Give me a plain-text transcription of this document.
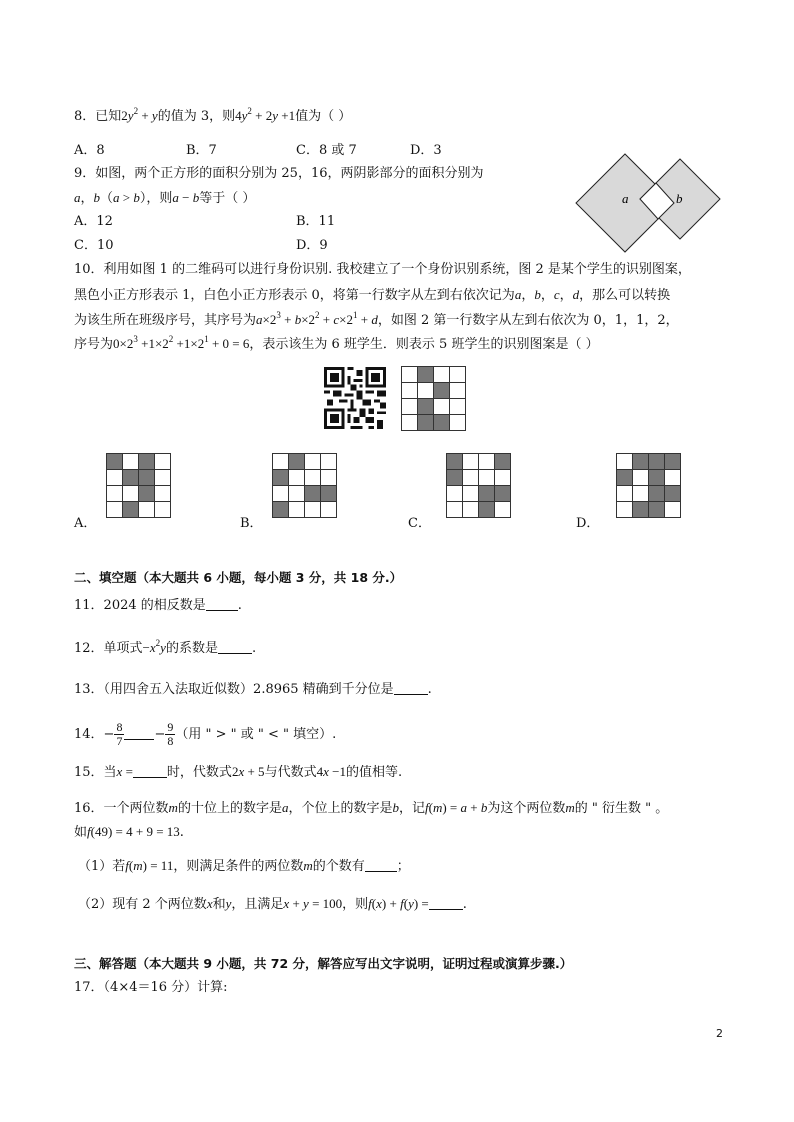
8．已知$2y^2 + y$的值为 3，则$4y^2 + 2y +1$值为（ ）
A．8	B．7	C．8 或 7	D．3
9．如图，两个正方形的面积分别为 25，16，两阴影部分的面积分别为
a，b（a > b），则a − b等于（ ）
A．12	B．11
C．10	D．9
a	b
10．利用如图 1 的二维码可以进行身份识别. 我校建立了一个身份识别系统，图 2 是某个学生的识别图案，
黑色小正方形表示 1，白色小正方形表示 0，将第一行数字从左到右依次记为a，b，c，d，那么可以转换
为该生所在班级序号，其序号为$a\times 2^3 + b\times 2^2 + c\times 2^1 + d$，如图 2 第一行数字从左到右依次为 0，1，1，2，
序号为$0\times 2^3 +1\times 2^2 +1\times 2^1 + 0 = 6$，表示该生为 6 班学生．则表示 5 班学生的识别图案是（ ）
A．	B．	C．	D．
二、填空题（本大题共 6 小题，每小题 3 分，共 18 分.）
11．2024 的相反数是 .
12．单项式$-x^2y$的系数是	.
13．（用四舍五入法取近似数）2.8965 精确到千分位是	.
14．− $\frac{8}{7} - \frac{9}{8}$ （用 " > " 或 " < " 填空）.
15．当x =	时，代数式2x + 5与代数式4x −1的值相等.
16．一个两位数m的十位上的数字是a，个位上的数字是b，记f(m) = a + b为这个两位数m的 " 衍生数 " 。
如f(49) = 4 + 9 = 13.
（1）若f(m) = 11，则满足条件的两位数m的个数有 ；
（2）现有 2 个两位数x和y，且满足x + y = 100，则f(x) + f(y) =	.
三、解答题（本大题共 9 小题，共 72 分，解答应写出文字说明，证明过程或演算步骤.）
17．（4×4＝16 分）计算:
2
